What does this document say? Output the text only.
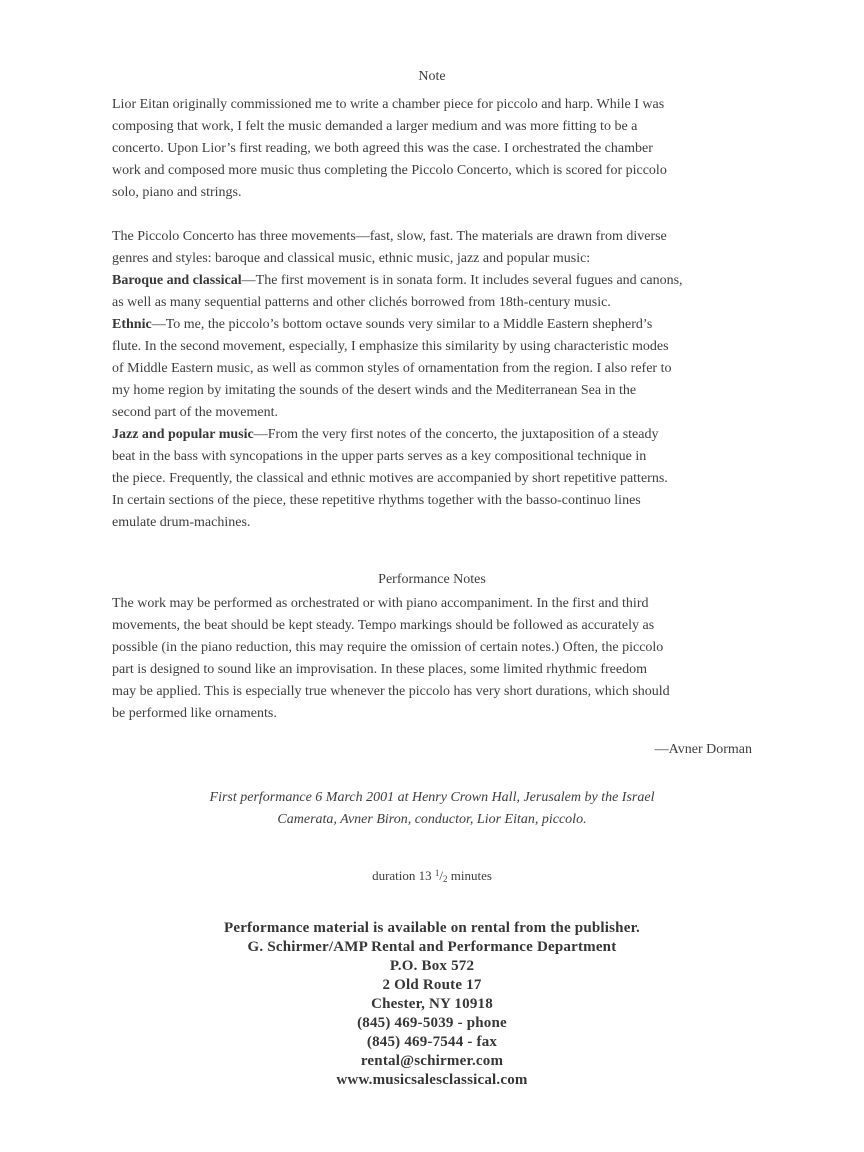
Note
Lior Eitan originally commissioned me to write a chamber piece for piccolo and harp. While I was
composing that work, I felt the music demanded a larger medium and was more fitting to be a
concerto. Upon Lior’s first reading, we both agreed this was the case. I orchestrated the chamber
work and composed more music thus completing the Piccolo Concerto, which is scored for piccolo
solo, piano and strings.
The Piccolo Concerto has three movements—fast, slow, fast. The materials are drawn from diverse
genres and styles: baroque and classical music, ethnic music, jazz and popular music:
Baroque and classical—The first movement is in sonata form. It includes several fugues and canons,
as well as many sequential patterns and other clichés borrowed from 18th-century music.
Ethnic—To me, the piccolo’s bottom octave sounds very similar to a Middle Eastern shepherd’s
flute. In the second movement, especially, I emphasize this similarity by using characteristic modes
of Middle Eastern music, as well as common styles of ornamentation from the region. I also refer to
my home region by imitating the sounds of the desert winds and the Mediterranean Sea in the
second part of the movement.
Jazz and popular music—From the very first notes of the concerto, the juxtaposition of a steady
beat in the bass with syncopations in the upper parts serves as a key compositional technique in
the piece. Frequently, the classical and ethnic motives are accompanied by short repetitive patterns.
In certain sections of the piece, these repetitive rhythms together with the basso-continuo lines
emulate drum-machines.
Performance Notes
The work may be performed as orchestrated or with piano accompaniment. In the first and third
movements, the beat should be kept steady. Tempo markings should be followed as accurately as
possible (in the piano reduction, this may require the omission of certain notes.) Often, the piccolo
part is designed to sound like an improvisation. In these places, some limited rhythmic freedom
may be applied. This is especially true whenever the piccolo has very short durations, which should
be performed like ornaments.
—Avner Dorman
First performance 6 March 2001 at Henry Crown Hall, Jerusalem by the Israel
Camerata, Avner Biron, conductor, Lior Eitan, piccolo.
duration 13 $^1/_2$ minutes
Performance material is available on rental from the publisher.
G. Schirmer/AMP Rental and Performance Department
P.O. Box 572
2 Old Route 17
Chester, NY 10918
(845) 469-5039 - phone
(845) 469-7544 - fax
rental@schirmer.com
www.musicsalesclassical.com
